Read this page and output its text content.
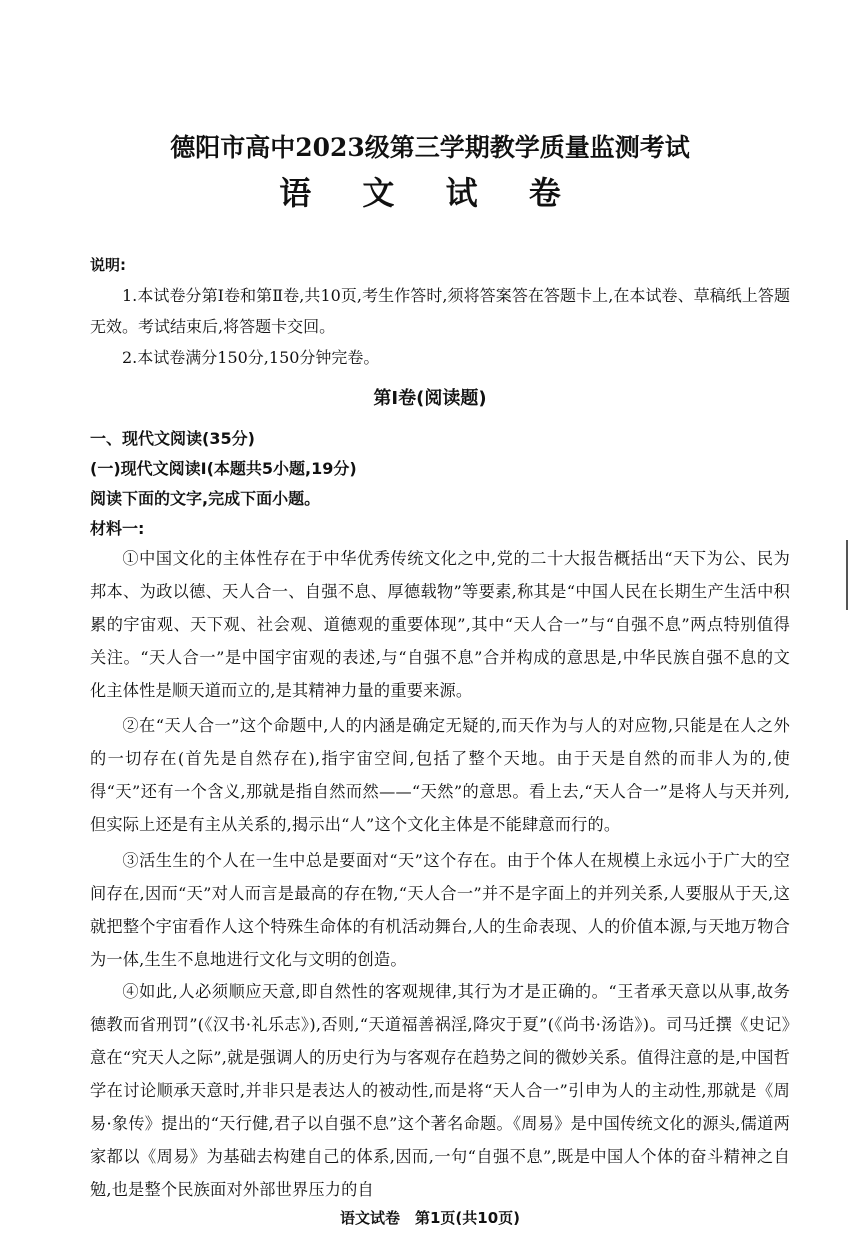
德阳市高中2023级第三学期教学质量监测考试
语 文 试 卷
说明:
1.本试卷分第Ⅰ卷和第Ⅱ卷,共10页,考生作答时,须将答案答在答题卡上,在本试卷、草稿纸上答题无效。考试结束后,将答题卡交回。
2.本试卷满分150分,150分钟完卷。
第Ⅰ卷(阅读题)
一、现代文阅读(35分)
(一)现代文阅读Ⅰ(本题共5小题,19分)
阅读下面的文字,完成下面小题。
材料一:
①中国文化的主体性存在于中华优秀传统文化之中,党的二十大报告概括出“天下为公、民为邦本、为政以德、天人合一、自强不息、厚德载物”等要素,称其是“中国人民在长期生产生活中积累的宇宙观、天下观、社会观、道德观的重要体现”,其中“天人合一”与“自强不息”两点特别值得关注。“天人合一”是中国宇宙观的表述,与“自强不息”合并构成的意思是,中华民族自强不息的文化主体性是顺天道而立的,是其精神力量的重要来源。
②在“天人合一”这个命题中,人的内涵是确定无疑的,而天作为与人的对应物,只能是在人之外的一切存在(首先是自然存在),指宇宙空间,包括了整个天地。由于天是自然的而非人为的,使得“天”还有一个含义,那就是指自然而然——“天然”的意思。看上去,“天人合一”是将人与天并列,但实际上还是有主从关系的,揭示出“人”这个文化主体是不能肆意而行的。
③活生生的个人在一生中总是要面对“天”这个存在。由于个体人在规模上永远小于广大的空间存在,因而“天”对人而言是最高的存在物,“天人合一”并不是字面上的并列关系,人要服从于天,这就把整个宇宙看作人这个特殊生命体的有机活动舞台,人的生命表现、人的价值本源,与天地万物合为一体,生生不息地进行文化与文明的创造。
④如此,人必须顺应天意,即自然性的客观规律,其行为才是正确的。“王者承天意以从事,故务德教而省刑罚”(《汉书·礼乐志》),否则,“天道福善祸淫,降灾于夏”(《尚书·汤诰》)。司马迁撰《史记》意在“究天人之际”,就是强调人的历史行为与客观存在趋势之间的微妙关系。值得注意的是,中国哲学在讨论顺承天意时,并非只是表达人的被动性,而是将“天人合一”引申为人的主动性,那就是《周易·象传》提出的“天行健,君子以自强不息”这个著名命题。《周易》是中国传统文化的源头,儒道两家都以《周易》为基础去构建自己的体系,因而,一句“自强不息”,既是中国人个体的奋斗精神之自勉,也是整个民族面对外部世界压力的自
语文试卷　第1页(共10页)
